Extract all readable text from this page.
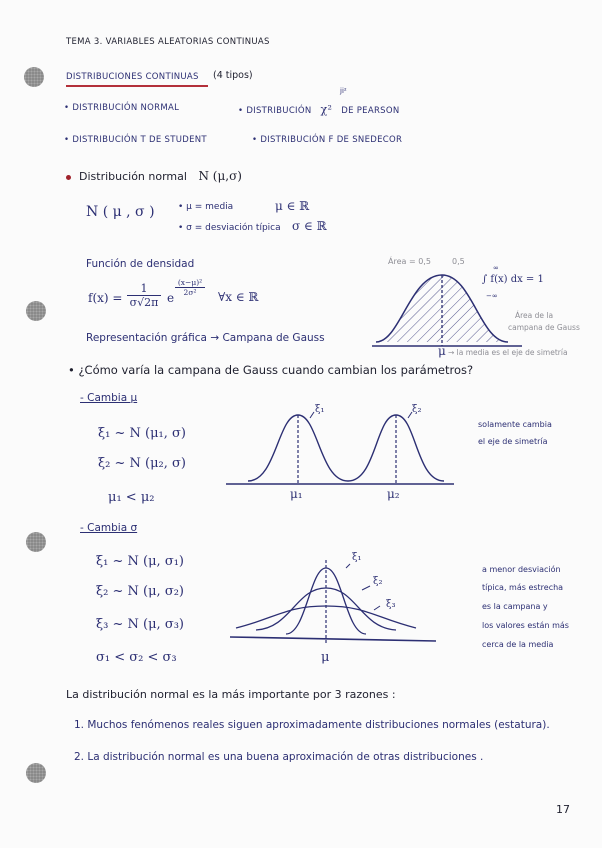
TEMA 3. VARIABLES ALEATORIAS CONTINUAS
DISTRIBUCIONES CONTINUAS (4 tipos)
• DISTRIBUCIÓN NORMAL	• DISTRIBUCIÓN χ² DE PEARSON
ji²
• DISTRIBUCIÓN T DE STUDENT	• DISTRIBUCIÓN F DE SNEDECOR
Distribución normal N (μ,σ)
N ( μ , σ )	• μ = media	μ ∈ ℝ
• σ = desviación típica σ ∈ ℝ
Función de densidad
$f(x) = \frac{1}{\sigma√2\pi}$ e
$\frac{\text{(x−μ)²}}{\text{2σ²}}$ ∀x ∈ ℝ
Representación gráfica → Campana de Gauss
Área = 0,5	0,5
∫ f(x) dx = 1
∞
−∞
Área de la
campana de Gauss
μ → la media es el eje de simetría
• ¿Cómo varía la campana de Gauss cuando cambian los parámetros?
- Cambia μ
ξ₁ ~ N (μ₁, σ)
ξ₂ ~ N (μ₂, σ)
μ₁ < μ₂
ξ₁	ξ₂
μ₁	μ₂
solamente cambia
el eje de simetría
- Cambia σ
ξ₁ ~ N (μ, σ₁)
ξ₂ ~ N (μ, σ₂)
ξ₃ ~ N (μ, σ₃)
σ₁ < σ₂ < σ₃
ξ₁
ξ₂
ξ₃
μ
a menor desviación
típica, más estrecha
es la campana y
los valores están más
cerca de la media
La distribución normal es la más importante por 3 razones :
1. Muchos fenómenos reales siguen aproximadamente distribuciones normales (estatura).
2. La distribución normal es una buena aproximación de otras distribuciones .
17
